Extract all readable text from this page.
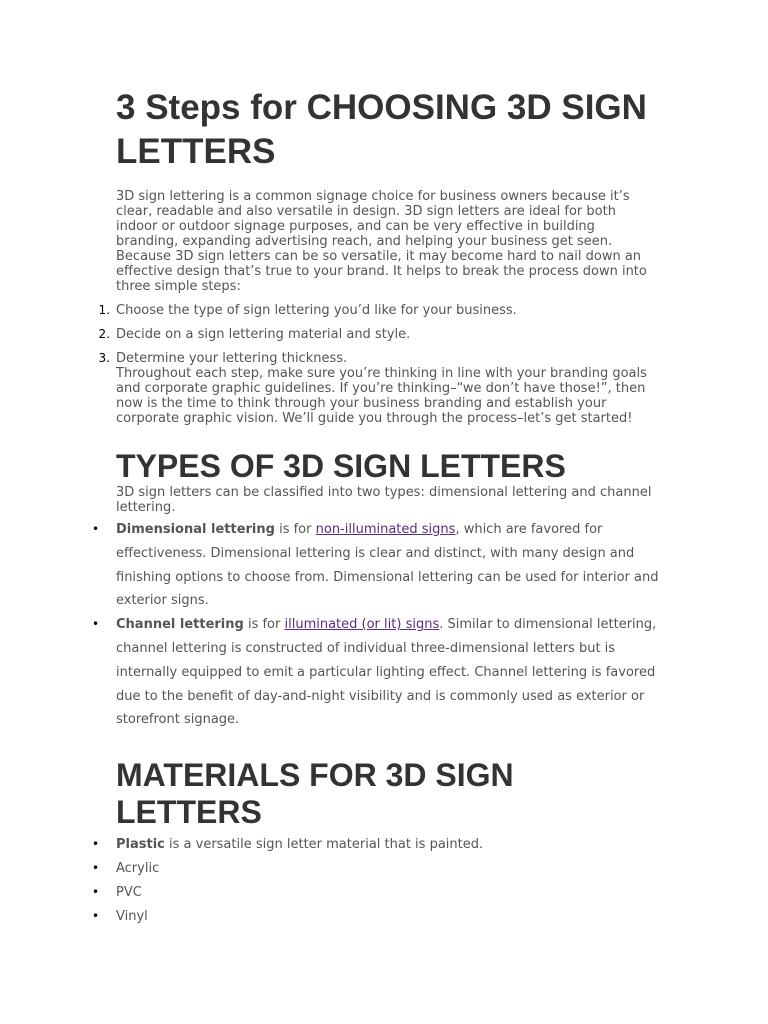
3 Steps for CHOOSING 3D SIGN LETTERS

3D sign lettering is a common signage choice for business owners because it’s clear, readable and also versatile in design. 3D sign letters are ideal for both indoor or outdoor signage purposes, and can be very effective in building branding, expanding advertising reach, and helping your business get seen. Because 3D sign letters can be so versatile, it may become hard to nail down an effective design that’s true to your brand. It helps to break the process down into three simple steps:

1. Choose the type of sign lettering you’d like for your business.
2. Decide on a sign lettering material and style.
3. Determine your lettering thickness.
Throughout each step, make sure you’re thinking in line with your branding goals and corporate graphic guidelines. If you’re thinking–“we don’t have those!”, then now is the time to think through your business branding and establish your corporate graphic vision. We’ll guide you through the process–let’s get started!
TYPES OF 3D SIGN LETTERS

3D sign letters can be classified into two types: dimensional lettering and channel lettering.

• Dimensional lettering is for non-illuminated signs, which are favored for effectiveness. Dimensional lettering is clear and distinct, with many design and finishing options to choose from. Dimensional lettering can be used for interior and exterior signs.
• Channel lettering is for illuminated (or lit) signs. Similar to dimensional lettering, channel lettering is constructed of individual three-dimensional letters but is internally equipped to emit a particular lighting effect. Channel lettering is favored due to the benefit of day-and-night visibility and is commonly used as exterior or storefront signage.
MATERIALS FOR 3D SIGN LETTERS
• Plastic is a versatile sign letter material that is painted.
• Acrylic
• PVC
• Vinyl
